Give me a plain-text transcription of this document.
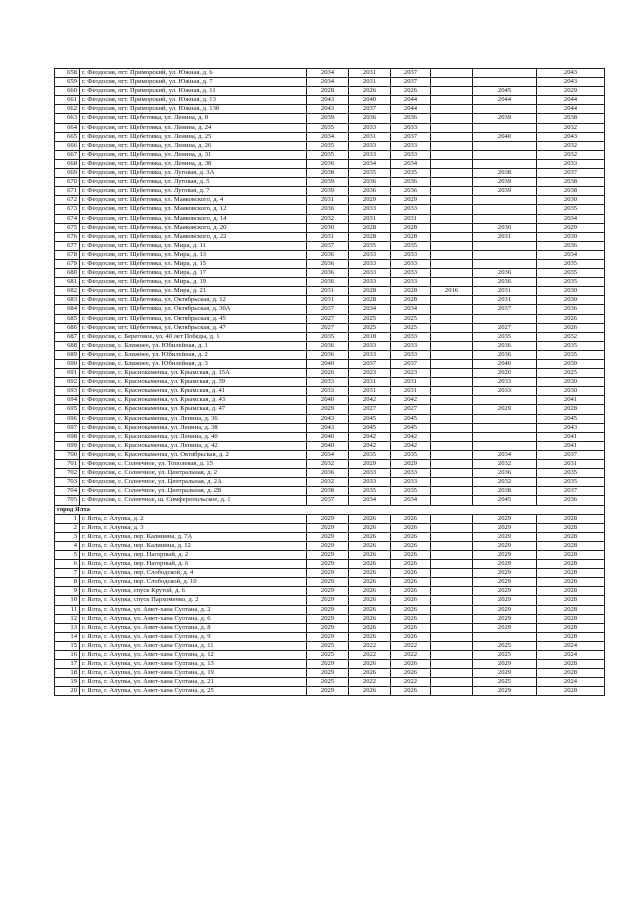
658	г. Феодосия, пгт. Приморский, ул. Южная, д. 6	2034	2031	2037			2043
659	г. Феодосия, пгт. Приморский, ул. Южная, д. 7	2034	2031	2037			2043
660	г. Феодосия, пгт. Приморский, ул. Южная, д. 11	2028	2026	2026		2045	2029
661	г. Феодосия, пгт. Приморский, ул. Южная, д. 13	2043	2040	2044		2044	2044
662	г. Феодосия, пгт. Приморский, ул. Южная, д. 13б	2043	2037	2044			2044
663	г. Феодосия, пгт. Щебетовка, ул. Ленина, д. 8	2039	2036	2036		2039	2038
664	г. Феодосия, пгт. Щебетовка, ул. Ленина, д. 24	2035	2033	2033			2032
665	г. Феодосия, пгт. Щебетовка, ул. Ленина, д. 25	2034	2031	2037		2040	2043
666	г. Феодосия, пгт. Щебетовка, ул. Ленина, д. 26	2035	2033	2033			2032
667	г. Феодосия, пгт. Щебетовка, ул. Ленина, д. 31	2035	2033	2033			2032
668	г. Феодосия, пгт. Щебетовка, ул. Ленина, д. 38	2036	2034	2034			2033
669	г. Феодосия, пгт. Щебетовка, ул. Луговая, д. 3А	2038	2035	2035		2038	2037
670	г. Феодосия, пгт. Щебетовка, ул. Луговая, д. 5	2039	2036	2036		2039	2038
671	г. Феодосия, пгт. Щебетовка, ул. Луговая, д. 7	2039	2036	2036		2039	2038
672	г. Феодосия, пгт. Щебетовка, ул. Маяковского, д. 4	2031	2029	2029			2030
673	г. Феодосия, пгт. Щебетовка, ул. Маяковского, д. 12	2036	2033	2033			2035
674	г. Феодосия, пгт. Щебетовка, ул. Маяковского, д. 14	2032	2031	2031			2034
675	г. Феодосия, пгт. Щебетовка, ул. Маяковского, д. 20	2030	2028	2028		2030	2029
676	г. Феодосия, пгт. Щебетовка, ул. Маяковского, д. 22	2031	2028	2028		2031	2030
677	г. Феодосия, пгт. Щебетовка, ул. Мира, д. 11	2037	2035	2035			2036
678	г. Феодосия, пгт. Щебетовка, ул. Мира, д. 13	2036	2033	2033			2034
679	г. Феодосия, пгт. Щебетовка, ул. Мира, д. 15	2036	2033	2033			2035
680	г. Феодосия, пгт. Щебетовка, ул. Мира, д. 17	2036	2033	2033		2036	2035
681	г. Феодосия, пгт. Щебетовка, ул. Мира, д. 19	2036	2033	2033		2036	2035
682	г. Феодосия, пгт. Щебетовка, ул. Мира, д. 21	2031	2028	2028	2016	2031	2030
683	г. Феодосия, пгт. Щебетовка, ул. Октябрьская, д. 12	2031	2028	2028		2031	2030
684	г. Феодосия, пгт. Щебетовка, ул. Октябрьская, д. 30А	2037	2034	2034		2037	2036
685	г. Феодосия, пгт. Щебетовка, ул. Октябрьская, д. 45	2027	2025	2025			2026
686	г. Феодосия, пгт. Щебетовка, ул. Октябрьская, д. 47	2027	2025	2025		2027	2026
687	г. Феодосия, с. Береговое, ул. 40 лет Победы, д. 1	2035	2018	2033		2035	2032
688	г. Феодосия, с. Ближнее, ул. Юбилейная, д. 1	2036	2033	2033		2036	2035
689	г. Феодосия, с. Ближнее, ул. Юбилейная, д. 2	2036	2033	2033		2036	2035
690	г. Феодосия, с. Ближнее, ул. Юбилейная, д. 3	2040	2037	2037		2040	2039
691	г. Феодосия, с. Краснокаменка, ул. Крымская, д. 15А	2026	2023	2023		2026	2025
692	г. Феодосия, с. Краснокаменка, ул. Крымская, д. 39	2033	2031	2031		2033	2030
693	г. Феодосия, с. Краснокаменка, ул. Крымская, д. 41	2033	2031	2031		2033	2030
694	г. Феодосия, с. Краснокаменка, ул. Крымская, д. 43	2040	2042	2042			2041
695	г. Феодосия, с. Краснокаменка, ул. Крымская, д. 47	2029	2027	2027		2029	2028
696	г. Феодосия, с. Краснокаменка, ул. Ленина, д. 36	2043	2045	2045			2045
697	г. Феодосия, с. Краснокаменка, ул. Ленина, д. 38	2043	2045	2045			2043
698	г. Феодосия, с. Краснокаменка, ул. Ленина, д. 40	2040	2042	2042			2041
699	г. Феодосия, с. Краснокаменка, ул. Ленина, д. 42	2040	2042	2042			2041
700	г. Феодосия, с. Краснокаменка, ул. Октябрьская, д. 2	2034	2035	2035		2034	2037
701	г. Феодосия, с. Солнечное, ул. Тополевая, д. 15	2032	2029	2029		2032	2031
702	г. Феодосия, с. Солнечное, ул. Центральная, д. 2	2036	2033	2033		2036	2035
703	г. Феодосия, с. Солнечное, ул. Центральная, д. 2А	2032	2033	2033		2032	2035
704	г. Феодосия, с. Солнечное, ул. Центральная, д. 2В	2038	2035	2035		2038	2037
705	г. Феодосия, с. Солнечное, ш. Симферопольское, д. 1	2037	2034	2034		2045	2036
город Ялта							
1	г. Ялта, г. Алупка, д. 2	2029	2026	2026		2029	2028
2	г. Ялта, г. Алупка, д. 3	2029	2026	2026		2029	2028
3	г. Ялта, г. Алупка, пер. Калинина, д. 7А	2029	2026	2026		2029	2028
4	г. Ялта, г. Алупка, пер. Калинина, д. 12	2029	2026	2026		2029	2028
5	г. Ялта, г. Алупка, пер. Нагорный, д. 2	2029	2026	2026		2029	2028
6	г. Ялта, г. Алупка, пер. Нагорный, д. 6	2029	2026	2026		2029	2028
7	г. Ялта, г. Алупка, пер. Слободской, д. 4	2029	2026	2026		2029	2028
8	г. Ялта, г. Алупка, пер. Слободской, д. 10	2029	2026	2026		2029	2028
9	г. Ялта, г. Алупка, спуск Крутой, д. 6	2029	2026	2026		2029	2028
10	г. Ялта, г. Алупка, спуск Пархоменко, д. 2	2029	2026	2026		2029	2028
11	г. Ялта, г. Алупка, ул. Амет-хана Султана, д. 2	2029	2026	2026		2029	2028
12	г. Ялта, г. Алупка, ул. Амет-хана Султана, д. 6	2029	2026	2026		2029	2028
13	г. Ялта, г. Алупка, ул. Амет-хана Султана, д. 8	2029	2026	2026		2029	2028
14	г. Ялта, г. Алупка, ул. Амет-хана Султана, д. 9	2029	2026	2026			2028
15	г. Ялта, г. Алупка, ул. Амет-хана Султана, д. 11	2025	2022	2022		2025	2024
16	г. Ялта, г. Алупка, ул. Амет-хана Султана, д. 12	2025	2022	2022		2025	2024
17	г. Ялта, г. Алупка, ул. Амет-хана Султана, д. 13	2029	2026	2026		2029	2028
18	г. Ялта, г. Алупка, ул. Амет-хана Султана, д. 19	2029	2026	2026		2029	2028
19	г. Ялта, г. Алупка, ул. Амет-хана Султана, д. 21	2025	2022	2022		2025	2024
20	г. Ялта, г. Алупка, ул. Амет-хана Султана, д. 25	2029	2026	2026		2029	2028
